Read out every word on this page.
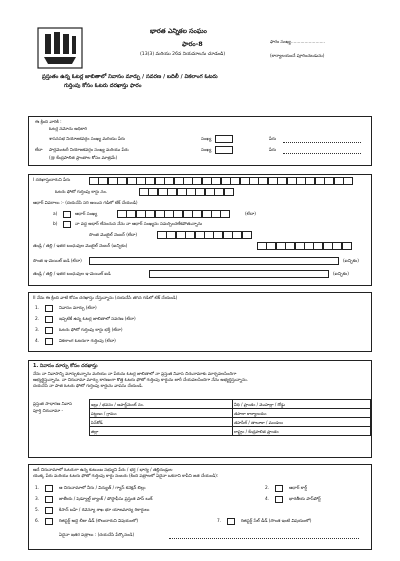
భారత ఎన్నికల సంఘం
ఫారం-8
(13(3) మరియు 26వ నియమాలను చూడండి)
ఫారం సంఖ్య.........................
(కార్యాలయంచే పూరించబడును)
ప్రస్తుతం ఉన్న ఓటర్ల జాబితాలో నివాసం మార్పు / సవరణ / బదిలీ / వికలాంగ ఓటరు
గుర్తింపు కోసం ఓటరు దరఖాస్తు ఫారం
ఈ క్రింది వారికి :
ఓటర్ల నమోదు అధికారి
శాసనసభ నియోజకవర్గం సంఖ్య మరియు పేరు	సంఖ్య	పేరు
లేదా పార్లమెంటరీ నియోజకవర్గం సంఖ్య మరియు పేరు	సంఖ్య	పేరు
(@ కేంద్రపాలిత ప్రాంతాల కోసం మాత్రమే)
I దరఖాస్తుదారుని పేరు
ఓటరు ఫోటో గుర్తింపు కార్డు నం.
ఆధార్ వివరాలు :- (దయచేసి సరి అయిన గడిలో టిక్ చేయండి)
a)	ఆధార్ సంఖ్య	(లేదా)
b)	నా వద్ద ఆధార్ లేనందున నేను నా ఆధార్ సంఖ్యను సమర్పించలేకపోతున్నాను
సొంత మొబైల్ నెంబర్ (లేదా)
తండ్రి / తల్లి / ఇతర బంధువుల మొబైల్ నెంబర్ (ఐచ్ఛికం)
సొంత ఇ-మెయిల్ ఐడి (లేదా)	(ఐచ్ఛికం)
తండ్రి / తల్లి / ఇతర బంధువుల ఇ-మెయిల్ ఐడి	(ఐచ్ఛికం)
II నేను ఈ క్రింది వాటి కోసం దరఖాస్తు చేస్తున్నాను (దయచేసి తగిన గడిలో టిక్ చేయండి)
1.	నివాసం మార్పు (లేదా)
2.	ఇప్పటికే ఉన్న ఓటర్ల జాబితాలో సవరణ (లేదా)
3.	ఓటరు ఫోటో గుర్తింపు కార్డు భర్తీ (లేదా)
4.	వికలాంగ ఓటరుగా గుర్తింపు (లేదా)
1. నివాసం మార్పు కోసం దరఖాస్తు
నేను నా నివాసాన్ని మార్చుకున్నాను మరియు నా పేరును ఓటర్ల జాబితాలో నా ప్రస్తుత నివాస చిరునామాకు మార్చవలసిందిగా
అభ్యర్థిస్తున్నాను. నా చిరునామా మార్పు కారణంగా కొత్త ఓటరు ఫోటో గుర్తింపు కార్డును జారీ చేయవలసిందిగా నేను అభ్యర్థిస్తున్నాను.
దయచేసి నా పాత ఓటరు ఫోటో గుర్తింపు కార్డును వాపసు చేయండి.
ప్రస్తుత సాధారణ నివాస
పూర్తి చిరునామా -
ఇల్లు / భవనం / అపార్ట్‌మెంట్ నం.	వీధి / ప్రాంతం / మొహల్లా / రోడ్డు
పట్టణం / గ్రామం	తపాలా కార్యాలయం
పిన్‌కోడ్	తహసీల్ / తాలూకా / మండలం
జిల్లా	రాష్ట్రం / కేంద్రపాలిత ప్రాంతం
అదే చిరునామాలో ఓటరుగా ఉన్న కుటుంబ సభ్యుని పేరు / భర్త / భార్య / తల్లిదండ్రుల
యొక్క పేరు మరియు ఓటరు ఫోటో గుర్తింపు కార్డు నంబరు (కింది పత్రాలలో ఏదైనా ఒకదాని కాపీని జత చేయండి):
1.	ఆ చిరునామాలో నీరు / విద్యుత్ / గ్యాస్ కనెక్షన్ బిల్లు
3.	జాతీయ / షెడ్యూల్డ్ బ్యాంక్ / పోస్టాఫీసు ప్రస్తుత పాస్ బుక్
5.	కిసాన్ బహి / రెవెన్యూ శాఖ భూ యాజమాన్య రికార్డులు
6.	రిజిస్టర్డ్ అద్దె లీజు డీడ్ (కౌలుదారుని విషయంలో)
2.	ఆధార్ కార్డ్
4.	భారతీయ పాస్‌పోర్ట్
7.	రిజిస్టర్డ్ సేల్ డీడ్ (సొంత ఇంటి విషయంలో)
ఏదైనా ఇతర పత్రాలు : (దయచేసి పేర్కొనండి)
